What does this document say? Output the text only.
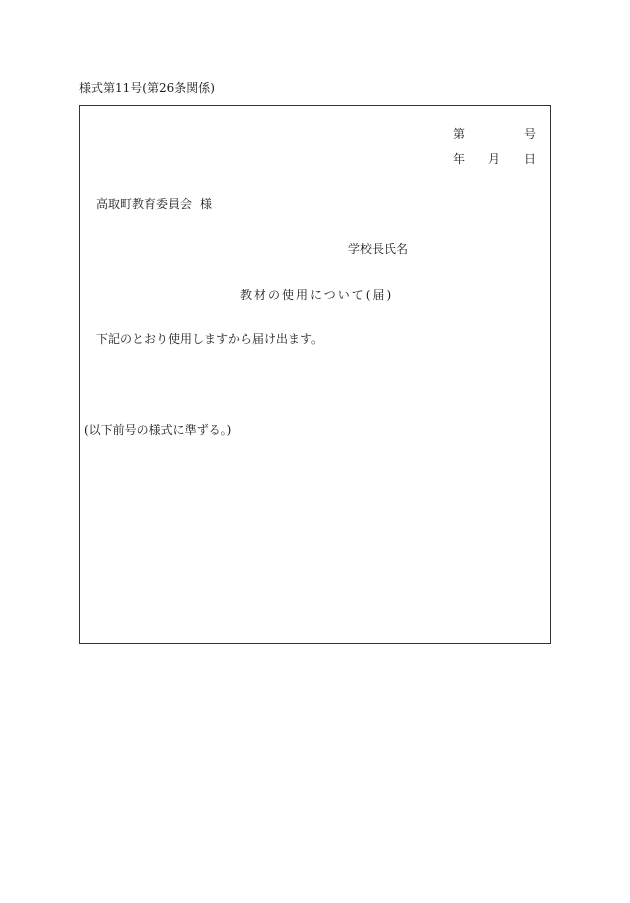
様式第11号(第26条関係)
第	号
年 月 日
高取町教育委員会 様
学校長氏名
教材の使用について(届)
下記のとおり使用しますから届け出ます。
(以下前号の様式に準ずる。)
